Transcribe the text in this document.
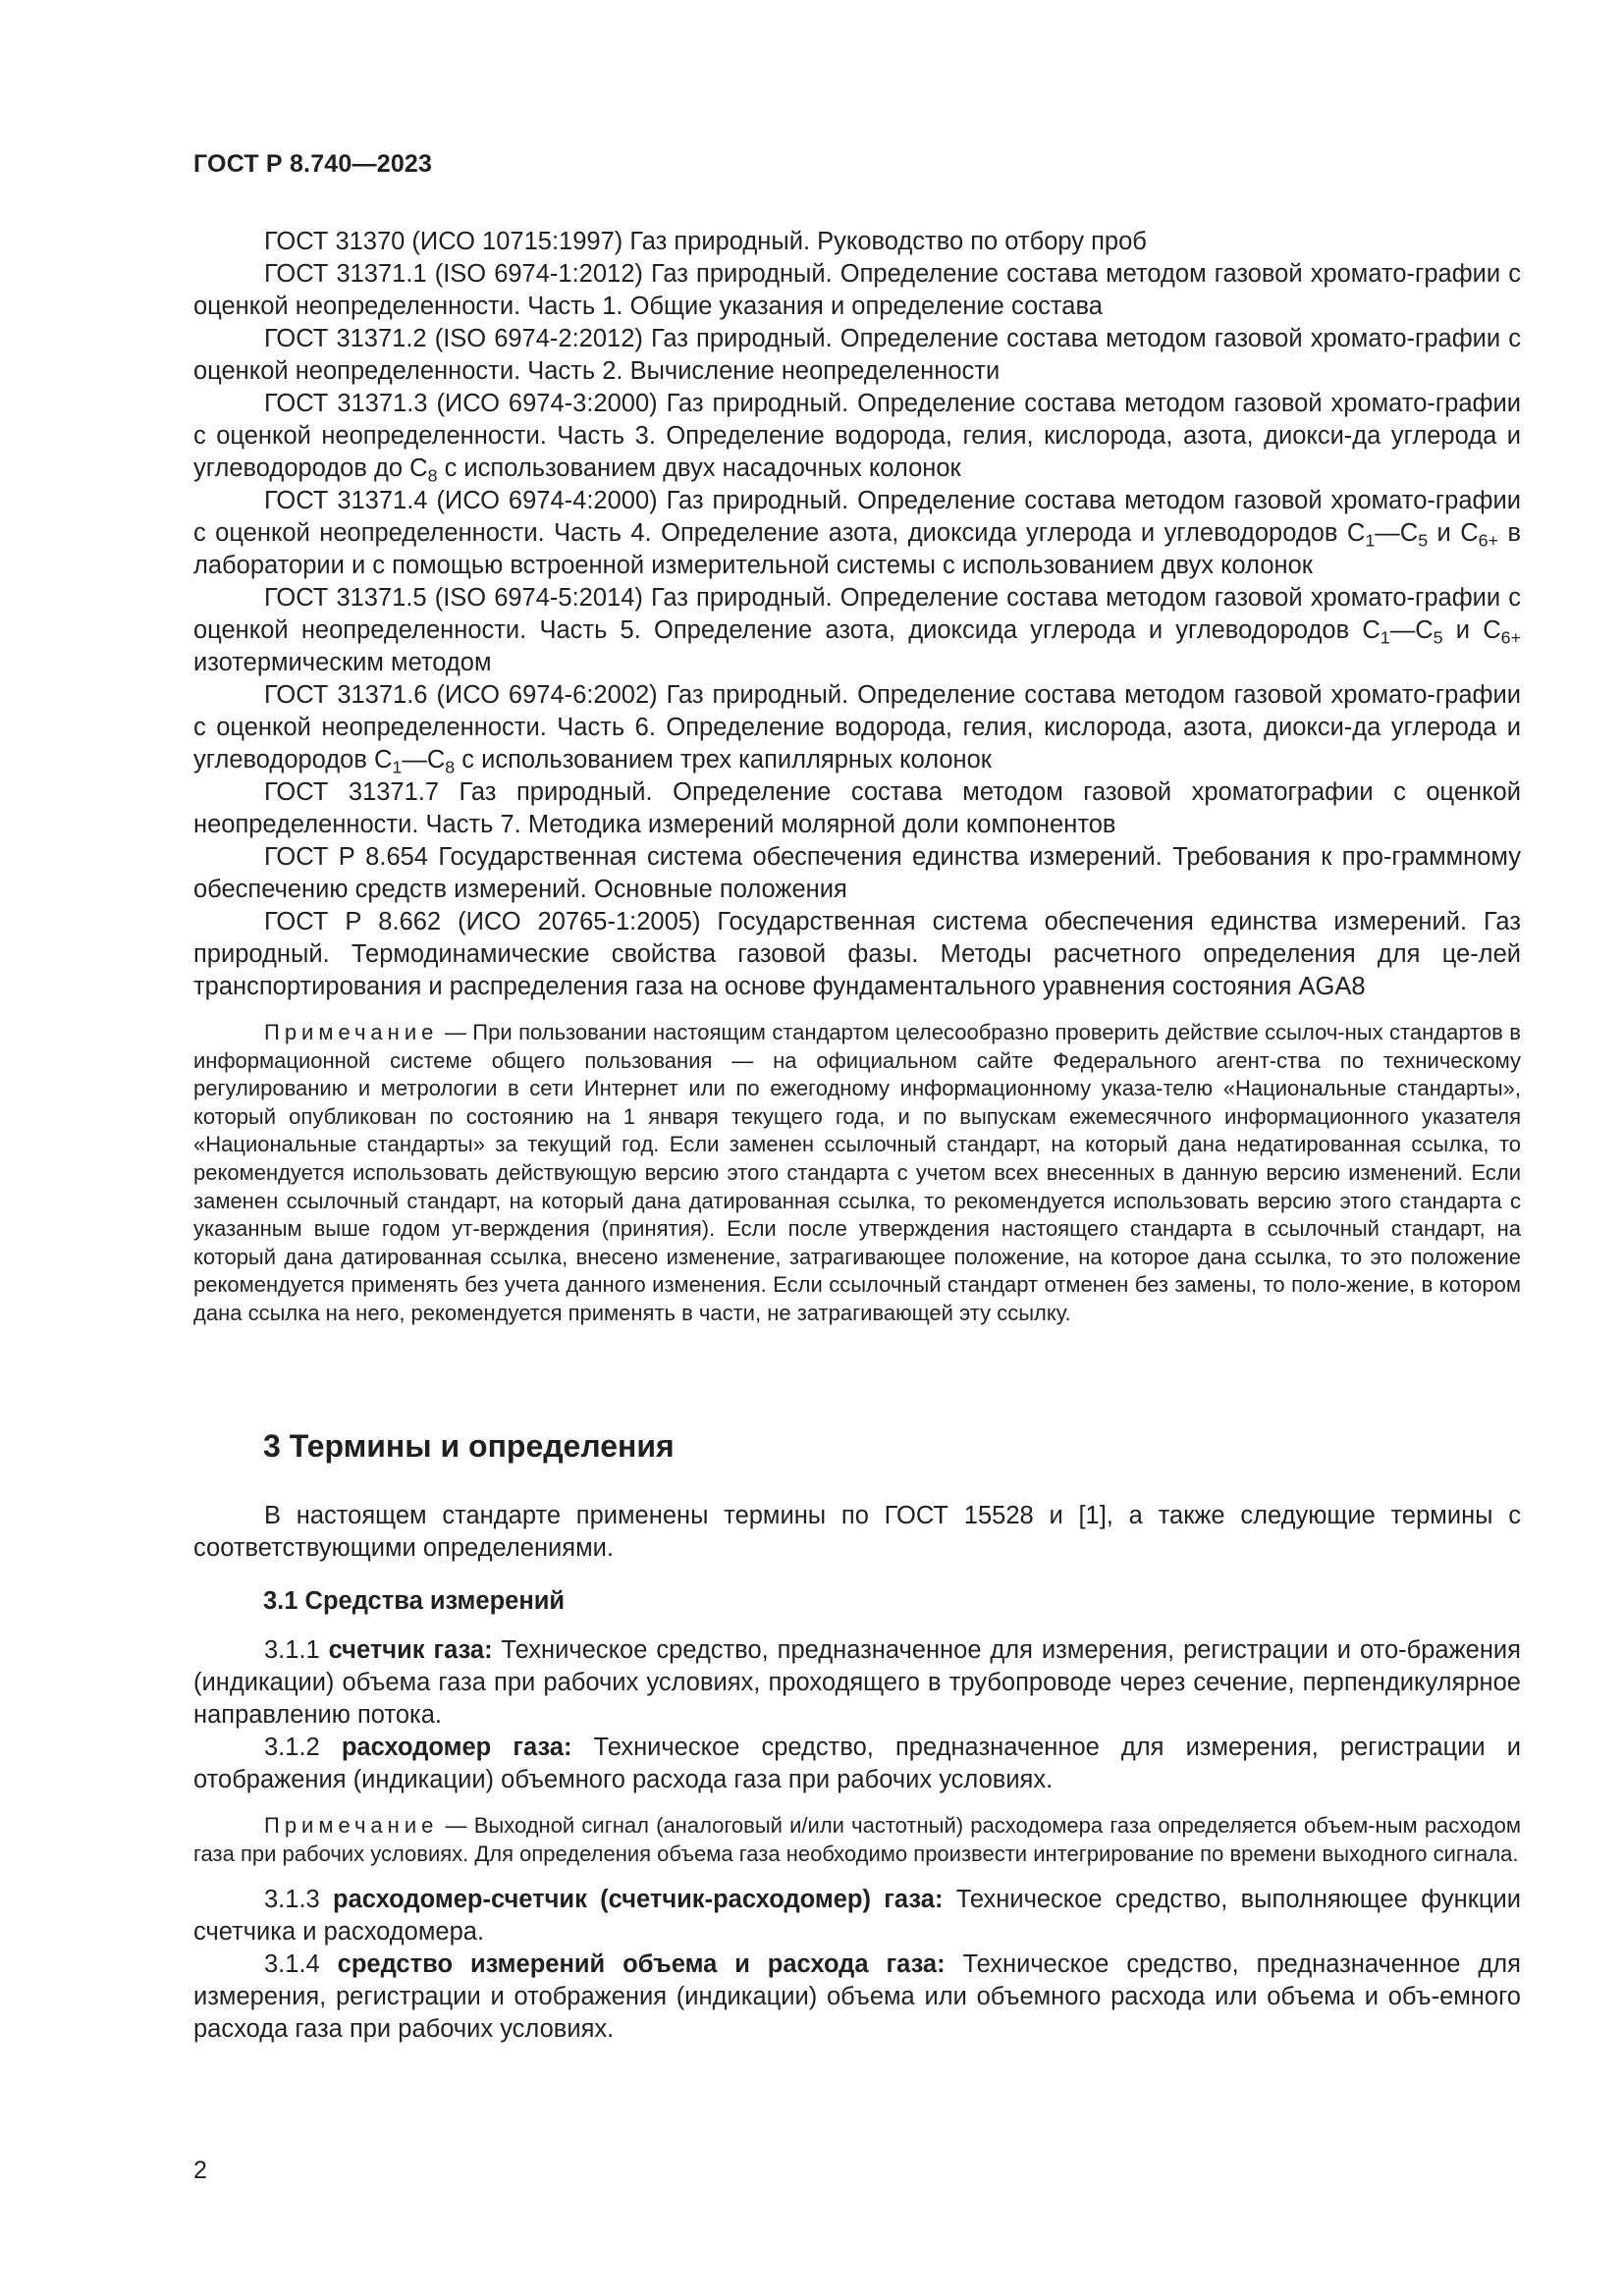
ГОСТ Р 8.740—2023

ГОСТ 31370 (ИСО 10715:1997) Газ природный. Руководство по отбору проб

ГОСТ 31371.1 (ISO 6974-1:2012) Газ природный. Определение состава методом газовой хромато-графии с оценкой неопределенности. Часть 1. Общие указания и определение состава

ГОСТ 31371.2 (ISO 6974-2:2012) Газ природный. Определение состава методом газовой хромато-графии с оценкой неопределенности. Часть 2. Вычисление неопределенности

ГОСТ 31371.3 (ИСО 6974-3:2000) Газ природный. Определение состава методом газовой хромато-графии с оценкой неопределенности. Часть 3. Определение водорода, гелия, кислорода, азота, диокси-да углерода и углеводородов до $C_8$ с использованием двух насадочных колонок

ГОСТ 31371.4 (ИСО 6974-4:2000) Газ природный. Определение состава методом газовой хромато-графии с оценкой неопределенности. Часть 4. Определение азота, диоксида углерода и углеводородов $C_1—C_5$ и $C_{6+}$ в лаборатории и с помощью встроенной измерительной системы с использованием двух колонок

ГОСТ 31371.5 (ISO 6974-5:2014) Газ природный. Определение состава методом газовой хромато-графии с оценкой неопределенности. Часть 5. Определение азота, диоксида углерода и углеводородов $C_1—C_5$ и $C_{6+}$ изотермическим методом

ГОСТ 31371.6 (ИСО 6974-6:2002) Газ природный. Определение состава методом газовой хромато-графии с оценкой неопределенности. Часть 6. Определение водорода, гелия, кислорода, азота, диокси-да углерода и углеводородов $C_1—C_8$ с использованием трех капиллярных колонок

ГОСТ 31371.7 Газ природный. Определение состава методом газовой хроматографии с оценкой неопределенности. Часть 7. Методика измерений молярной доли компонентов

ГОСТ Р 8.654 Государственная система обеспечения единства измерений. Требования к про-граммному обеспечению средств измерений. Основные положения

ГОСТ Р 8.662 (ИСО 20765-1:2005) Государственная система обеспечения единства измерений. Газ природный. Термодинамические свойства газовой фазы. Методы расчетного определения для це-лей транспортирования и распределения газа на основе фундаментального уравнения состояния AGA8

Примечание — При пользовании настоящим стандартом целесообразно проверить действие ссылоч-ных стандартов в информационной системе общего пользования — на официальном сайте Федерального агент-ства по техническому регулированию и метрологии в сети Интернет или по ежегодному информационному указа-телю «Национальные стандарты», который опубликован по состоянию на 1 января текущего года, и по выпускам ежемесячного информационного указателя «Национальные стандарты» за текущий год. Если заменен ссылочный стандарт, на который дана недатированная ссылка, то рекомендуется использовать действующую версию этого стандарта с учетом всех внесенных в данную версию изменений. Если заменен ссылочный стандарт, на который дана датированная ссылка, то рекомендуется использовать версию этого стандарта с указанным выше годом ут-верждения (принятия). Если после утверждения настоящего стандарта в ссылочный стандарт, на который дана датированная ссылка, внесено изменение, затрагивающее положение, на которое дана ссылка, то это положение рекомендуется применять без учета данного изменения. Если ссылочный стандарт отменен без замены, то поло-жение, в котором дана ссылка на него, рекомендуется применять в части, не затрагивающей эту ссылку.

3 Термины и определения

В настоящем стандарте применены термины по ГОСТ 15528 и [1], а также следующие термины с соответствующими определениями.

3.1 Средства измерений

3.1.1 счетчик газа: Техническое средство, предназначенное для измерения, регистрации и ото-бражения (индикации) объема газа при рабочих условиях, проходящего в трубопроводе через сечение, перпендикулярное направлению потока.

3.1.2 расходомер газа: Техническое средство, предназначенное для измерения, регистрации и отображения (индикации) объемного расхода газа при рабочих условиях.

Примечание — Выходной сигнал (аналоговый и/или частотный) расходомера газа определяется объем-ным расходом газа при рабочих условиях. Для определения объема газа необходимо произвести интегрирование по времени выходного сигнала.

3.1.3 расходомер-счетчик (счетчик-расходомер) газа: Техническое средство, выполняющее функции счетчика и расходомера.

3.1.4 средство измерений объема и расхода газа: Техническое средство, предназначенное для измерения, регистрации и отображения (индикации) объема или объемного расхода или объема и объ-емного расхода газа при рабочих условиях.

2
